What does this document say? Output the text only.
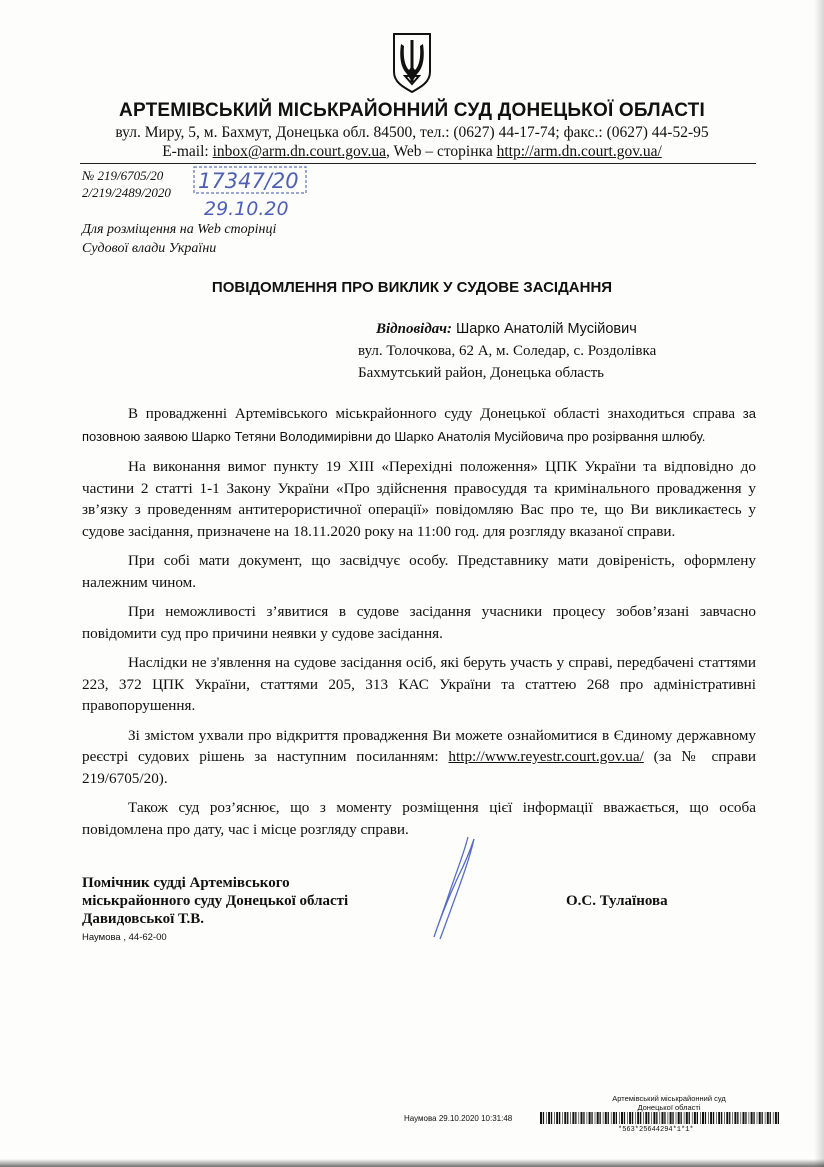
АРТЕМІВСЬКИЙ МІСЬКРАЙОННИЙ СУД ДОНЕЦЬКОЇ ОБЛАСТІ
вул. Миру, 5, м. Бахмут, Донецька обл. 84500, тел.: (0627) 44-17-74; факс.: (0627) 44-52-95
E-mail: inbox@arm.dn.court.gov.ua, Web – сторінка http://arm.dn.court.gov.ua/
№ 219/6705/20
2/219/2489/2020 17347/20
29.10.20
Для розміщення на Web сторінці
Судової влади України
ПОВІДОМЛЕННЯ ПРО ВИКЛИК У СУДОВЕ ЗАСІДАННЯ
Відповідач: Шарко Анатолій Мусійович
вул. Толочкова, 62 А, м. Соледар, с. Роздолівка
Бахмутський район, Донецька область

В провадженні Артемівського міськрайонного суду Донецької області знаходиться справа за позовною заявою Шарко Тетяни Володимирівни до Шарко Анатолія Мусійовича про розірвання шлюбу.

На виконання вимог пункту 19 XIII «Перехідні положення» ЦПК України та відповідно до частини 2 статті 1-1 Закону України «Про здійснення правосуддя та кримінального провадження у зв’язку з проведенням антитерористичної операції» повідомляю Вас про те, що Ви викликаєтесь у судове засідання, призначене на 18.11.2020 року на 11:00 год. для розгляду вказаної справи.

При собі мати документ, що засвідчує особу. Представнику мати довіреність, оформлену належним чином.

При неможливості з’явитися в судове засідання учасники процесу зобов’язані завчасно повідомити суд про причини неявки у судове засідання.

Наслідки не з'явлення на судове засідання осіб, які беруть участь у справі, передбачені статтями 223, 372 ЦПК України, статтями 205, 313 КАС України та статтею 268 про адміністративні правопорушення.

Зі змістом ухвали про відкриття провадження Ви можете ознайомитися в Єдиному державному реєстрі судових рішень за наступним посиланням: http://www.reyestr.court.gov.ua/ (за № справи 219/6705/20).

Також суд роз’яснює, що з моменту розміщення цієї інформації вважається, що особа повідомлена про дату, час і місце розгляду справи.

Помічник судді Артемівського
міськрайонного суду Донецької області
Давидовської Т.В.
Наумова , 44-62-00
О.С. Тулаїнова
Артемівський міськрайонний суд
Донецької області
Наумова 29.10.2020 10:31:48
*563*25644294*1*1*
